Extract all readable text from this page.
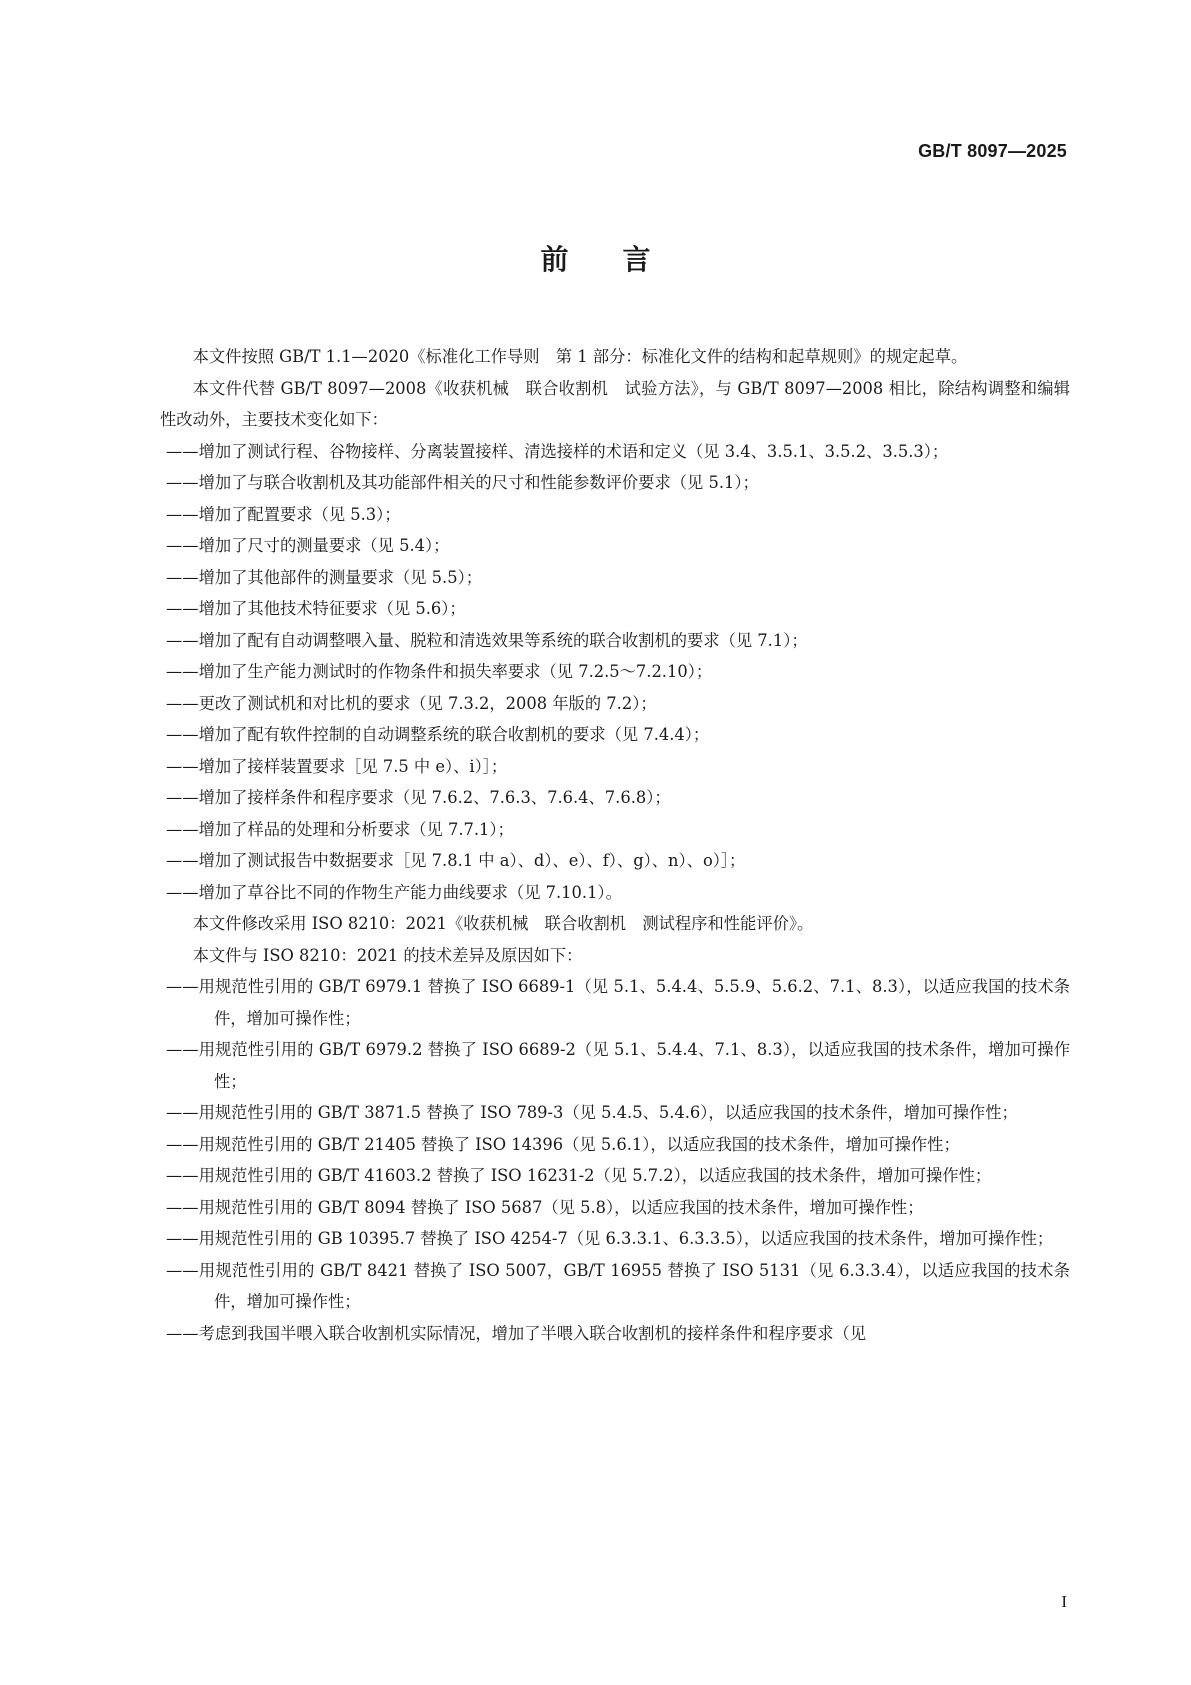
GB/T 8097—2025
前言

本文件按照 GB/T 1.1—2020《标准化工作导则　第 1 部分：标准化文件的结构和起草规则》的规定起草。

本文件代替 GB/T 8097—2008《收获机械　联合收割机　试验方法》，与 GB/T 8097—2008 相比，除结构调整和编辑性改动外，主要技术变化如下：

——增加了测试行程、谷物接样、分离装置接样、清选接样的术语和定义（见 3.4、3.5.1、3.5.2、3.5.3）；

——增加了与联合收割机及其功能部件相关的尺寸和性能参数评价要求（见 5.1）；

——增加了配置要求（见 5.3）；

——增加了尺寸的测量要求（见 5.4）；

——增加了其他部件的测量要求（见 5.5）；

——增加了其他技术特征要求（见 5.6）；

——增加了配有自动调整喂入量、脱粒和清选效果等系统的联合收割机的要求（见 7.1）；

——增加了生产能力测试时的作物条件和损失率要求（见 7.2.5～7.2.10）；

——更改了测试机和对比机的要求（见 7.3.2，2008 年版的 7.2）；

——增加了配有软件控制的自动调整系统的联合收割机的要求（见 7.4.4）；

——增加了接样装置要求［见 7.5 中 e）、i）］；

——增加了接样条件和程序要求（见 7.6.2、7.6.3、7.6.4、7.6.8）；

——增加了样品的处理和分析要求（见 7.7.1）；

——增加了测试报告中数据要求［见 7.8.1 中 a）、d）、e）、f）、g）、n）、o）］；

——增加了草谷比不同的作物生产能力曲线要求（见 7.10.1）。

本文件修改采用 ISO 8210：2021《收获机械　联合收割机　测试程序和性能评价》。

本文件与 ISO 8210：2021 的技术差异及原因如下：

——用规范性引用的 GB/T 6979.1 替换了 ISO 6689-1（见 5.1、5.4.4、5.5.9、5.6.2、7.1、8.3），以适应我国的技术条件，增加可操作性；

——用规范性引用的 GB/T 6979.2 替换了 ISO 6689-2（见 5.1、5.4.4、7.1、8.3），以适应我国的技术条件，增加可操作性；

——用规范性引用的 GB/T 3871.5 替换了 ISO 789-3（见 5.4.5、5.4.6），以适应我国的技术条件，增加可操作性；

——用规范性引用的 GB/T 21405 替换了 ISO 14396（见 5.6.1），以适应我国的技术条件，增加可操作性；

——用规范性引用的 GB/T 41603.2 替换了 ISO 16231-2（见 5.7.2），以适应我国的技术条件，增加可操作性；

——用规范性引用的 GB/T 8094 替换了 ISO 5687（见 5.8），以适应我国的技术条件，增加可操作性；

——用规范性引用的 GB 10395.7 替换了 ISO 4254-7（见 6.3.3.1、6.3.3.5），以适应我国的技术条件，增加可操作性；

——用规范性引用的 GB/T 8421 替换了 ISO 5007，GB/T 16955 替换了 ISO 5131（见 6.3.3.4），以适应我国的技术条件，增加可操作性；

——考虑到我国半喂入联合收割机实际情况，增加了半喂入联合收割机的接样条件和程序要求（见

I
